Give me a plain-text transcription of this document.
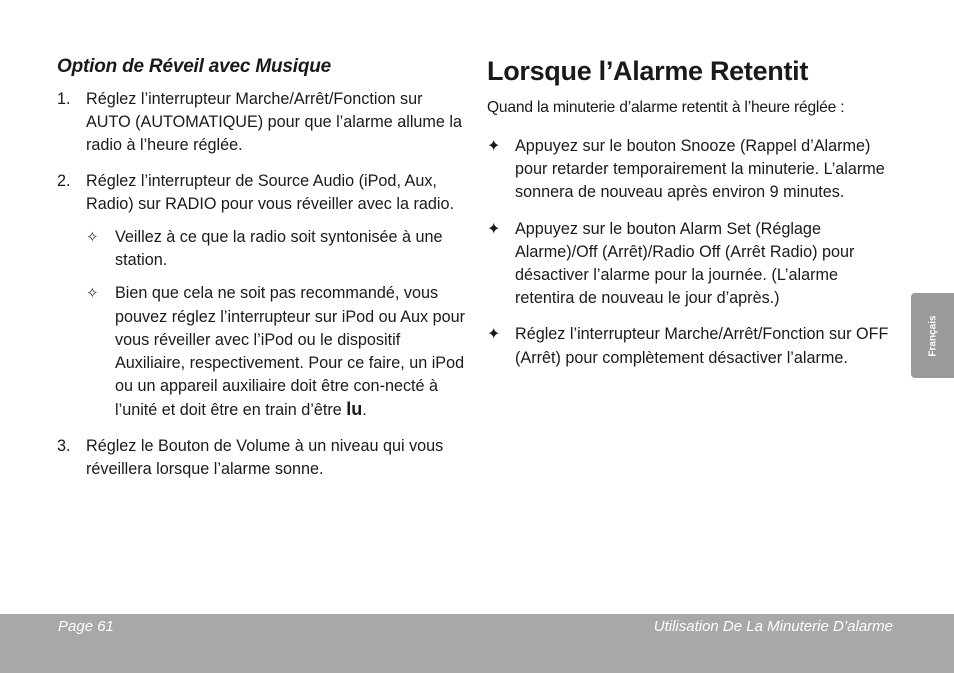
Option de Réveil avec Musique
1. Réglez l’interrupteur Marche/Arrêt/Fonction sur AUTO (AUTOMATIQUE) pour que l’alarme allume la radio à l’heure réglée.
2. Réglez l’interrupteur de Source Audio (iPod, Aux, Radio) sur RADIO pour vous réveiller avec la radio.
✧ Veillez à ce que la radio soit syntonisée à une station.
✧ Bien que cela ne soit pas recommandé, vous pouvez réglez l’interrupteur sur iPod ou Aux pour vous réveiller avec l’iPod ou le dispositif Auxiliaire, respectivement. Pour ce faire, un iPod ou un appareil auxiliaire doit être con-necté à l’unité et doit être en train d’être lu.
3. Réglez le Bouton de Volume à un niveau qui vous réveillera lorsque l’alarme sonne.
Lorsque l’Alarme Retentit

Quand la minuterie d’alarme retentit à l’heure réglée :

✦ Appuyez sur le bouton Snooze (Rappel d’Alarme) pour retarder temporairement la minuterie. L’alarme sonnera de nouveau après environ 9 minutes.
✦ Appuyez sur le bouton Alarm Set (Réglage Alarme)/Off (Arrêt)/Radio Off (Arrêt Radio) pour désactiver l’alarme pour la journée. (L’alarme retentira de nouveau le jour d’après.)
✦ Réglez l’interrupteur Marche/Arrêt/Fonction sur OFF (Arrêt) pour complètement désactiver l’alarme.
Français
Page 61	Utilisation De La Minuterie D’alarme
